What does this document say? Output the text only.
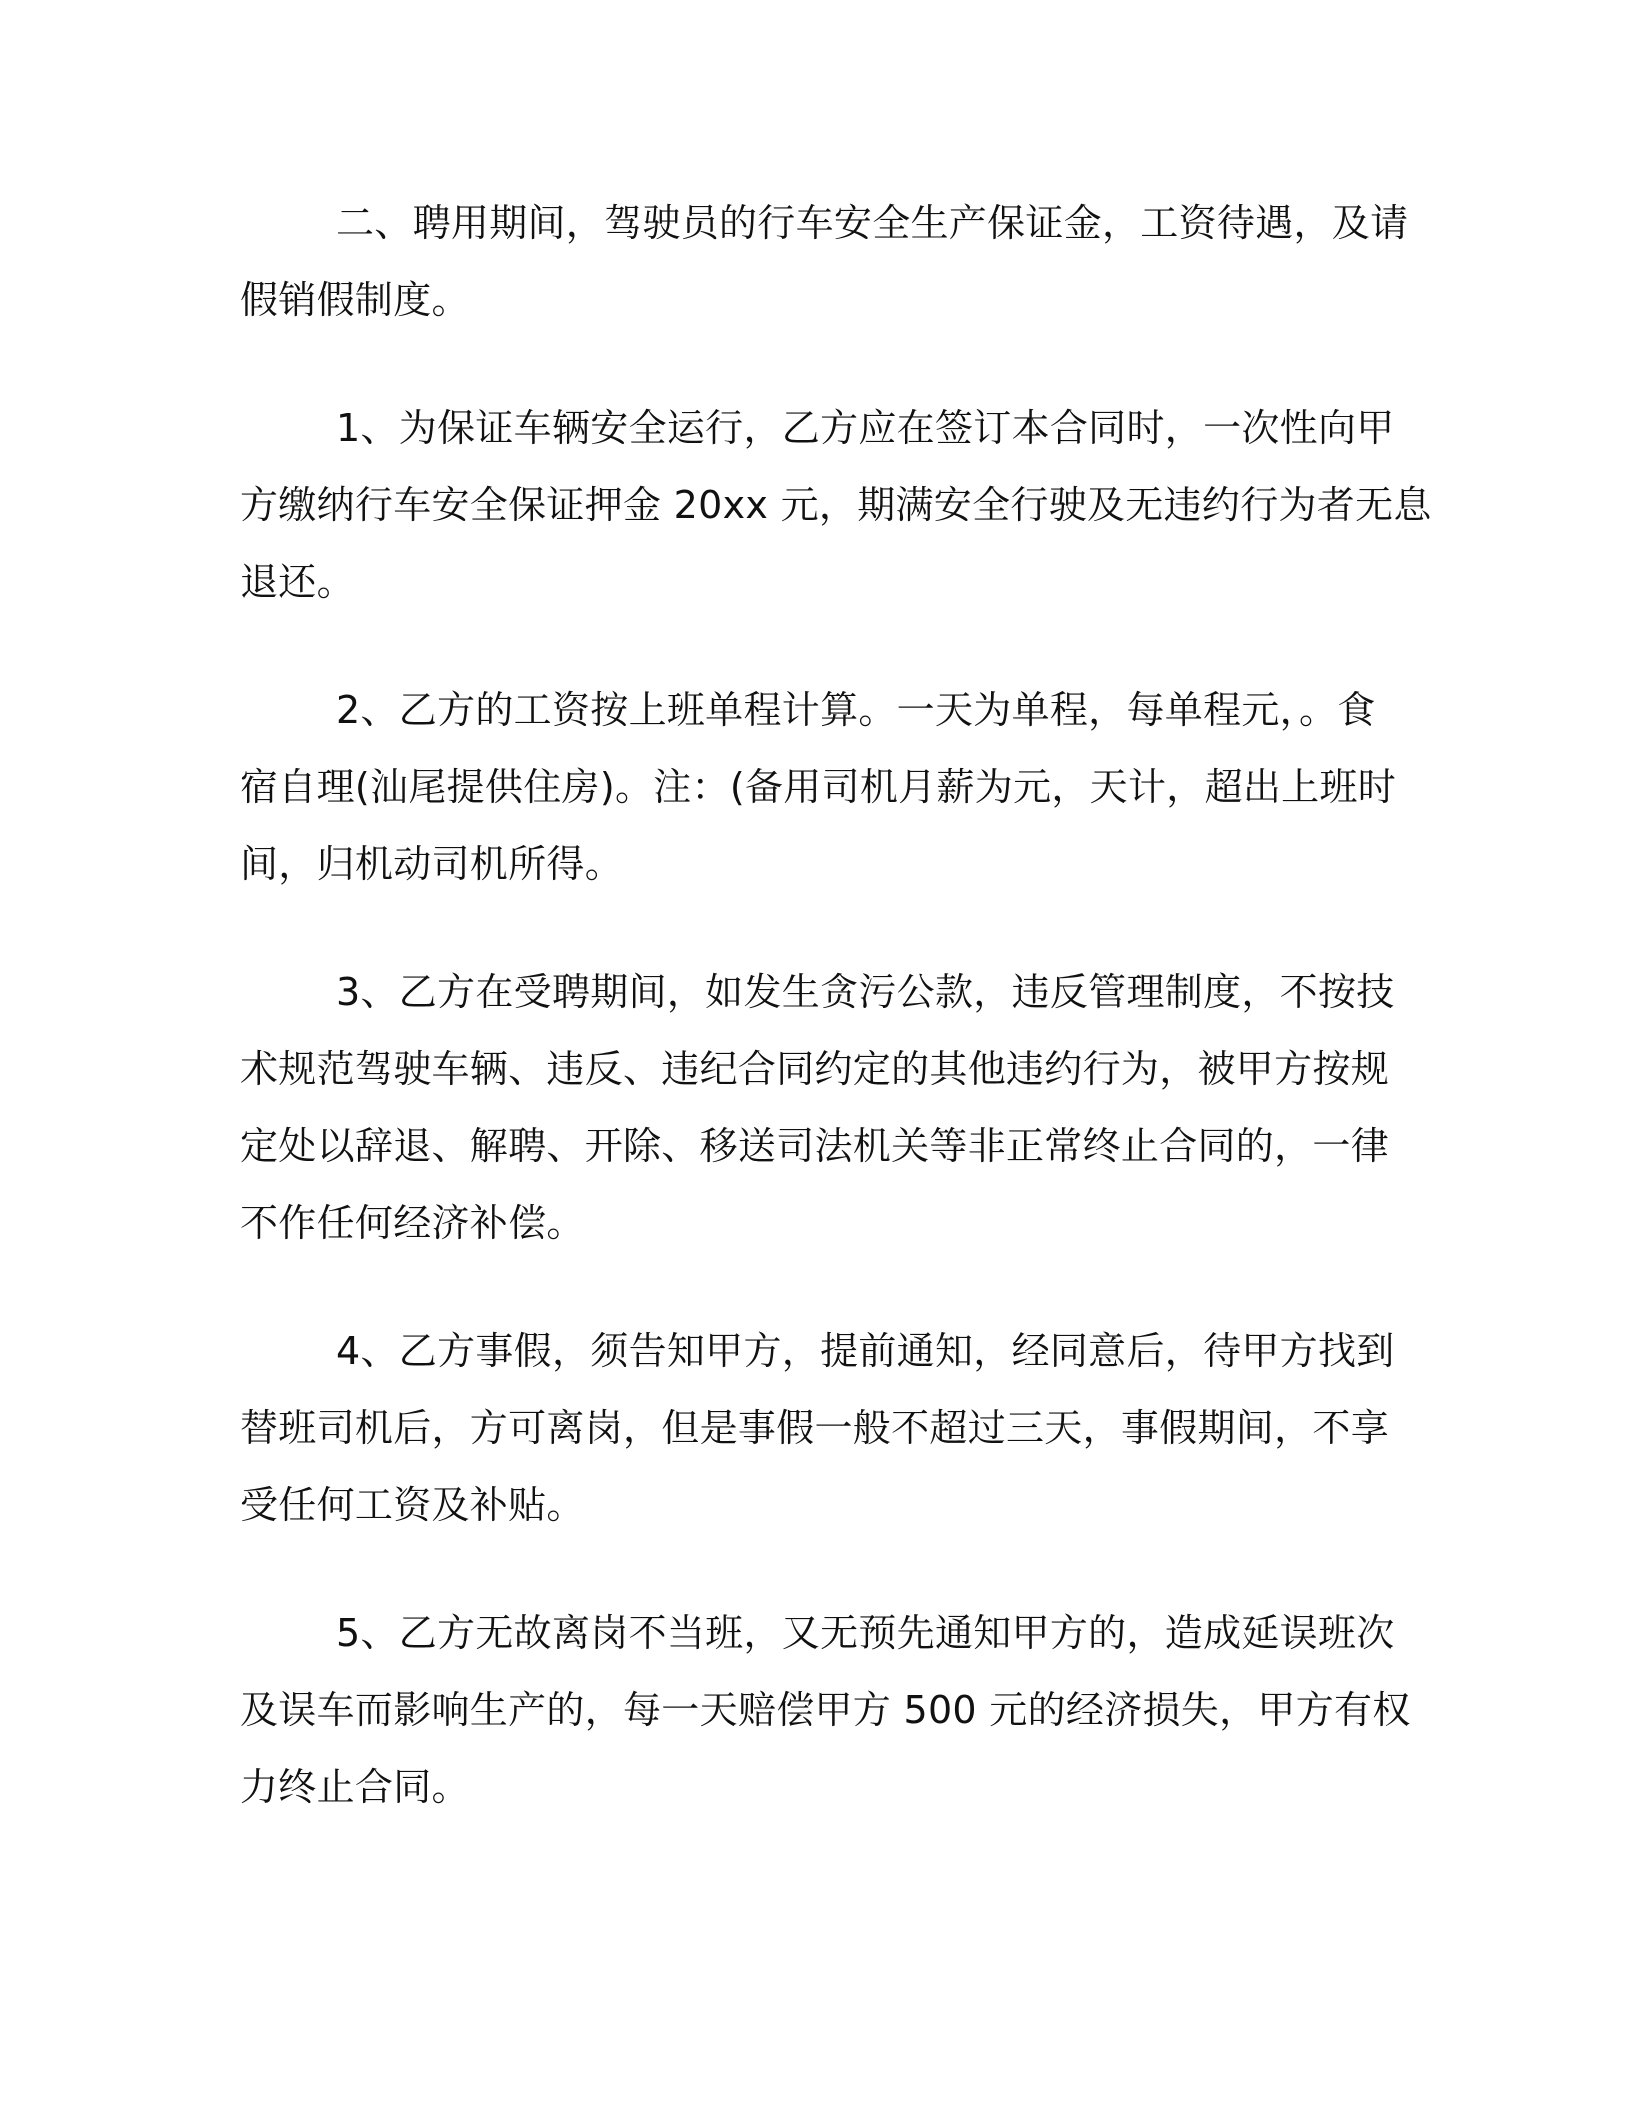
二、聘用期间，驾驶员的行车安全生产保证金，工资待遇，及请
假销假制度。

1、为保证车辆安全运行，乙方应在签订本合同时，一次性向甲
方缴纳行车安全保证押金 20xx 元，期满安全行驶及无违约行为者无息
退还。

2、乙方的工资按上班单程计算。一天为单程，每单程元，。食
宿自理(汕尾提供住房)。注：(备用司机月薪为元，天计，超出上班时
间，归机动司机所得。

3、乙方在受聘期间，如发生贪污公款，违反管理制度，不按技
术规范驾驶车辆、违反、违纪合同约定的其他违约行为，被甲方按规
定处以辞退、解聘、开除、移送司法机关等非正常终止合同的，一律
不作任何经济补偿。

4、乙方事假，须告知甲方，提前通知，经同意后，待甲方找到
替班司机后，方可离岗，但是事假一般不超过三天，事假期间，不享
受任何工资及补贴。

5、乙方无故离岗不当班，又无预先通知甲方的，造成延误班次
及误车而影响生产的，每一天赔偿甲方 500 元的经济损失，甲方有权
力终止合同。
